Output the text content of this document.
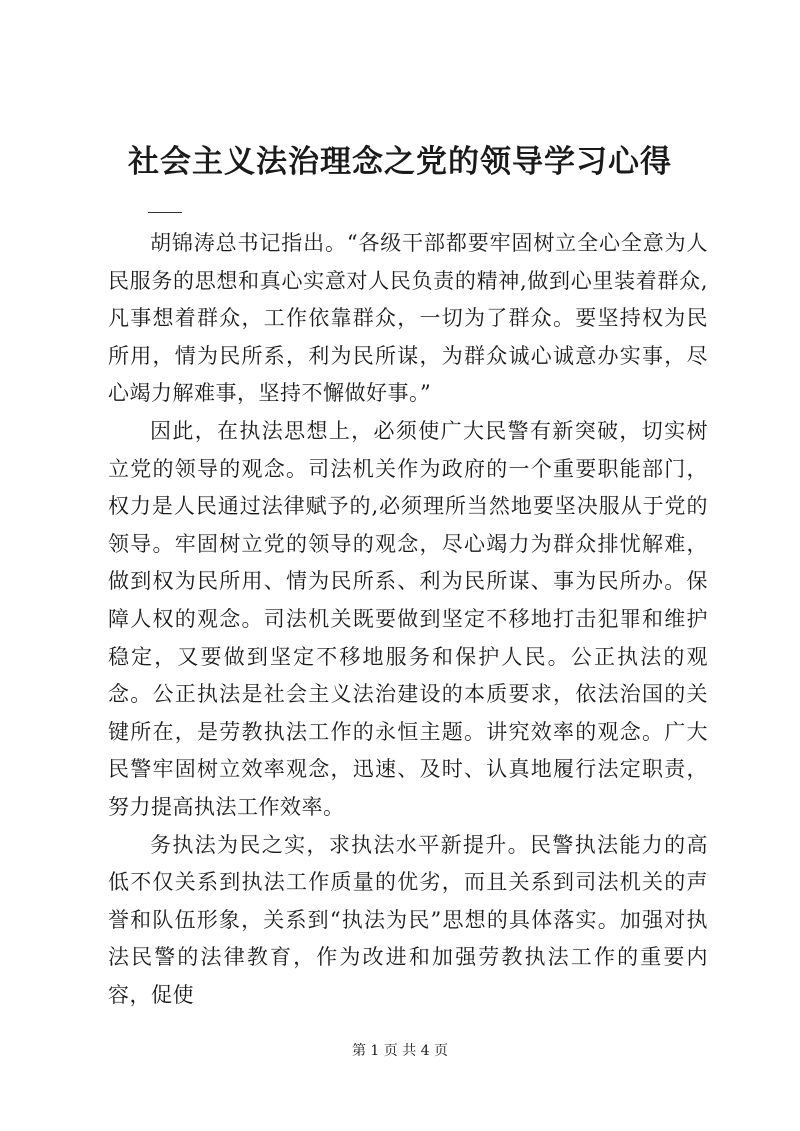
社会主义法治理念之党的领导学习心得

胡锦涛总书记指出。“各级干部都要牢固树立全心全意为人民服务的思想和真心实意对人民负责的精神,做到心里装着群众,凡事想着群众，工作依靠群众，一切为了群众。要坚持权为民所用，情为民所系，利为民所谋，为群众诚心诚意办实事，尽心竭力解难事，坚持不懈做好事。”

因此，在执法思想上，必须使广大民警有新突破，切实树立党的领导的观念。司法机关作为政府的一个重要职能部门，权力是人民通过法律赋予的,必须理所当然地要坚决服从于党的领导。牢固树立党的领导的观念，尽心竭力为群众排忧解难，做到权为民所用、情为民所系、利为民所谋、事为民所办。保障人权的观念。司法机关既要做到坚定不移地打击犯罪和维护稳定，又要做到坚定不移地服务和保护人民。公正执法的观念。公正执法是社会主义法治建设的本质要求，依法治国的关键所在，是劳教执法工作的永恒主题。讲究效率的观念。广大民警牢固树立效率观念，迅速、及时、认真地履行法定职责，努力提高执法工作效率。

务执法为民之实，求执法水平新提升。民警执法能力的高低不仅关系到执法工作质量的优劣，而且关系到司法机关的声誉和队伍形象，关系到“执法为民”思想的具体落实。加强对执法民警的法律教育，作为改进和加强劳教执法工作的重要内容，促使

第 1 页 共 4 页
